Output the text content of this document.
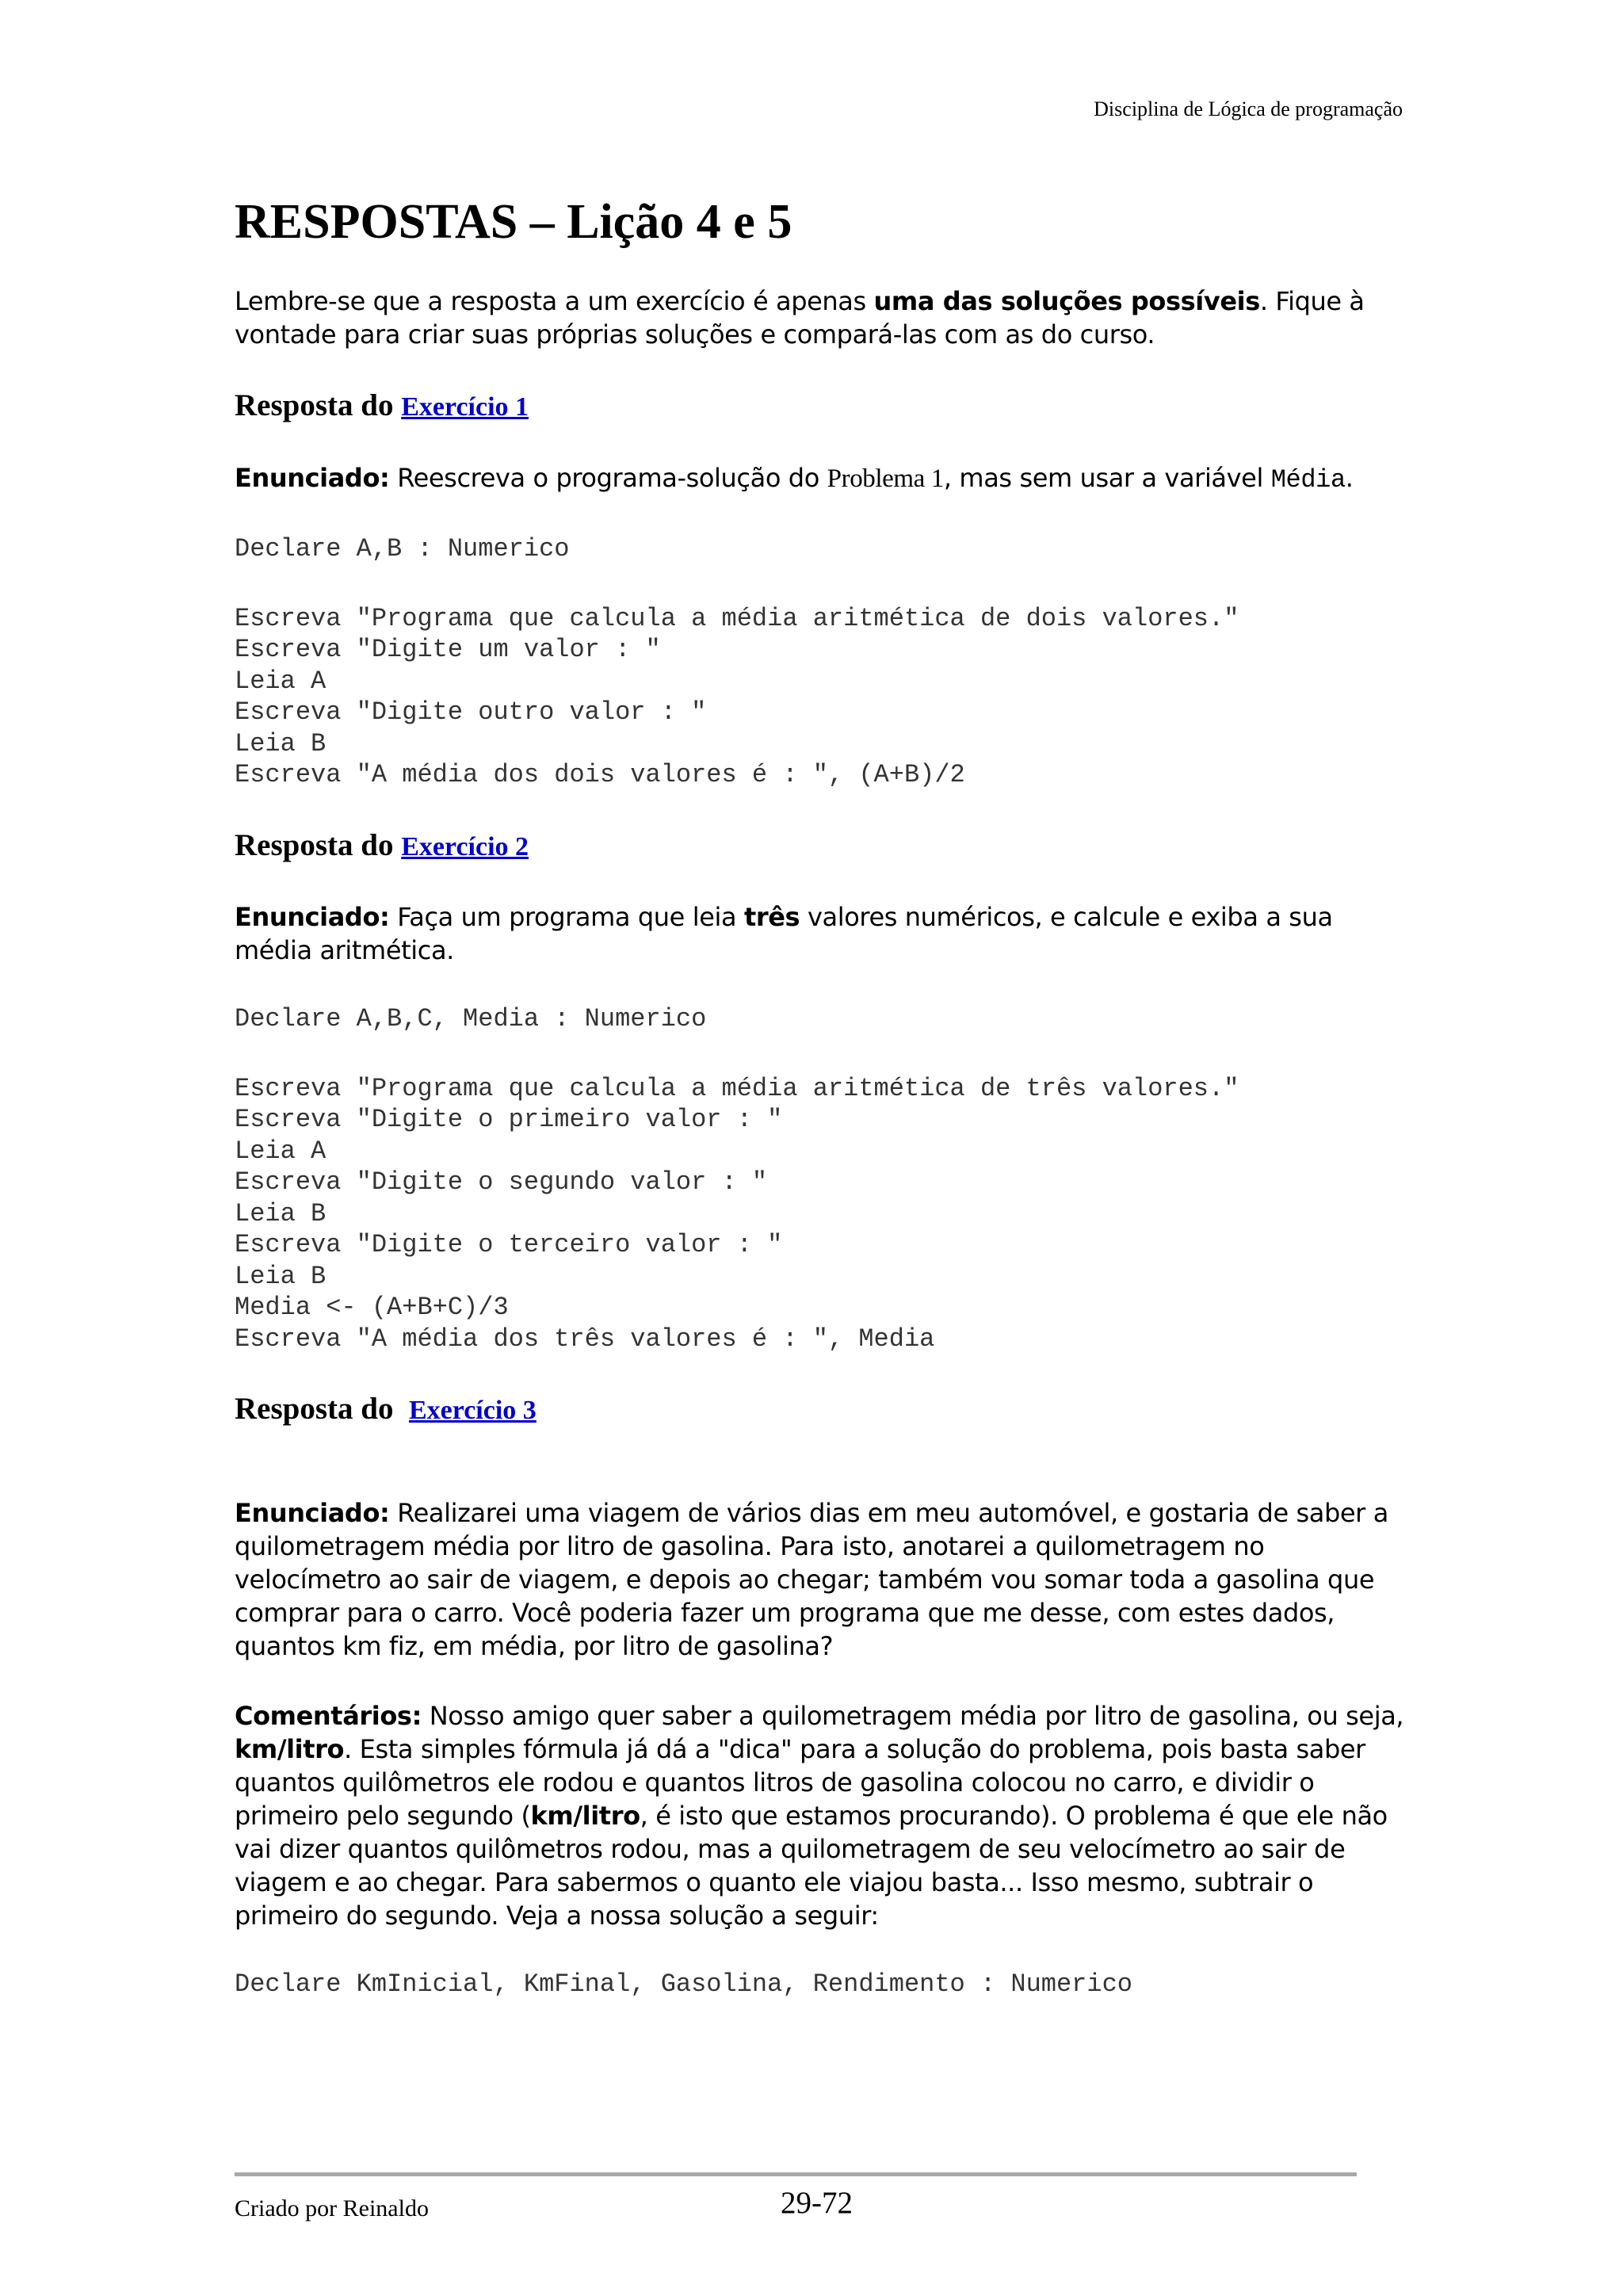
Disciplina de Lógica de programação
RESPOSTAS – Lição 4 e 5

Lembre-se que a resposta a um exercício é apenas uma das soluções possíveis. Fique à vontade para criar suas próprias soluções e compará-las com as do curso.

Resposta do Exercício 1

Enunciado: Reescreva o programa-solução do Problema 1, mas sem usar a variável Média.

Declare A,B : Numerico
Escreva "Programa que calcula a média aritmética de dois valores."
Escreva "Digite um valor : "
Leia A
Escreva "Digite outro valor : "
Leia B
Escreva "A média dos dois valores é : ", (A+B)/2
Resposta do Exercício 2

Enunciado: Faça um programa que leia três valores numéricos, e calcule e exiba a sua média aritmética.

Declare A,B,C, Media : Numerico
Escreva "Programa que calcula a média aritmética de três valores."
Escreva "Digite o primeiro valor : "
Leia A
Escreva "Digite o segundo valor : "
Leia B
Escreva "Digite o terceiro valor : "
Leia B
Media <- (A+B+C)/3
Escreva "A média dos três valores é : ", Media
Resposta do  Exercício 3

Enunciado: Realizarei uma viagem de vários dias em meu automóvel, e gostaria de saber a quilometragem média por litro de gasolina. Para isto, anotarei a quilometragem no velocímetro ao sair de viagem, e depois ao chegar; também vou somar toda a gasolina que comprar para o carro. Você poderia fazer um programa que me desse, com estes dados, quantos km fiz, em média, por litro de gasolina?

Comentários: Nosso amigo quer saber a quilometragem média por litro de gasolina, ou seja, km/litro. Esta simples fórmula já dá a "dica" para a solução do problema, pois basta saber quantos quilômetros ele rodou e quantos litros de gasolina colocou no carro, e dividir o primeiro pelo segundo (km/litro, é isto que estamos procurando). O problema é que ele não vai dizer quantos quilômetros rodou, mas a quilometragem de seu velocímetro ao sair de viagem e ao chegar. Para sabermos o quanto ele viajou basta... Isso mesmo, subtrair o primeiro do segundo. Veja a nossa solução a seguir:

Declare KmInicial, KmFinal, Gasolina, Rendimento : Numerico
Criado por Reinaldo	29-72
